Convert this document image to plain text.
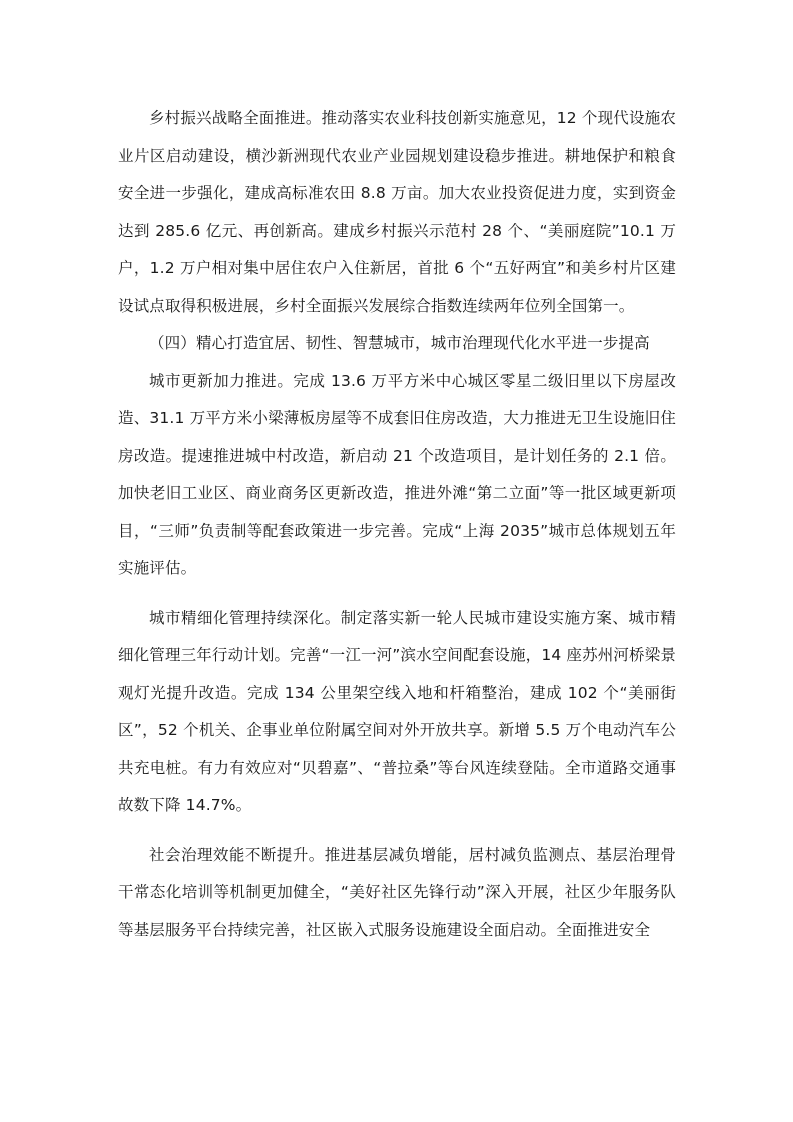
乡村振兴战略全面推进。推动落实农业科技创新实施意见，12 个现代设施农业片区启动建设，横沙新洲现代农业产业园规划建设稳步推进。耕地保护和粮食安全进一步强化，建成高标准农田 8.8 万亩。加大农业投资促进力度，实到资金达到 285.6 亿元、再创新高。建成乡村振兴示范村 28 个、“美丽庭院”10.1 万户，1.2 万户相对集中居住农户入住新居，首批 6 个“五好两宜”和美乡村片区建设试点取得积极进展，乡村全面振兴发展综合指数连续两年位列全国第一。

（四）精心打造宜居、韧性、智慧城市，城市治理现代化水平进一步提高

城市更新加力推进。完成 13.6 万平方米中心城区零星二级旧里以下房屋改造、31.1 万平方米小梁薄板房屋等不成套旧住房改造，大力推进无卫生设施旧住房改造。提速推进城中村改造，新启动 21 个改造项目，是计划任务的 2.1 倍。加快老旧工业区、商业商务区更新改造，推进外滩“第二立面”等一批区域更新项目，“三师”负责制等配套政策进一步完善。完成“上海 2035”城市总体规划五年实施评估。

城市精细化管理持续深化。制定落实新一轮人民城市建设实施方案、城市精细化管理三年行动计划。完善“一江一河”滨水空间配套设施，14 座苏州河桥梁景观灯光提升改造。完成 134 公里架空线入地和杆箱整治，建成 102 个“美丽街区”，52 个机关、企事业单位附属空间对外开放共享。新增 5.5 万个电动汽车公共充电桩。有力有效应对“贝碧嘉”、“普拉桑”等台风连续登陆。全市道路交通事故数下降 14.7%。

社会治理效能不断提升。推进基层减负增能，居村减负监测点、基层治理骨干常态化培训等机制更加健全，“美好社区先锋行动”深入开展，社区少年服务队等基层服务平台持续完善，社区嵌入式服务设施建设全面启动。全面推进安全
